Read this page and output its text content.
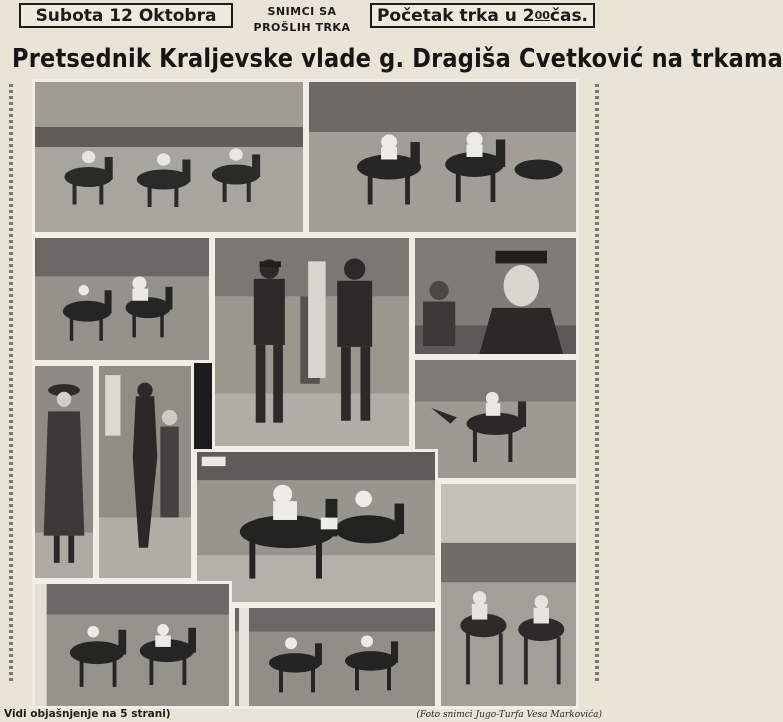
Subota 12 Oktobra	SNIMCI SA
PROŠLIH TRKA
Početak trka u 2 00 čas.
Pretsednik Kraljevske vlade g. Dragiša Cvetković na trkama
Vidi objašnjenje na 5 strani)	(Foto snimci Jugo-Turfa Vesa Markovića)
